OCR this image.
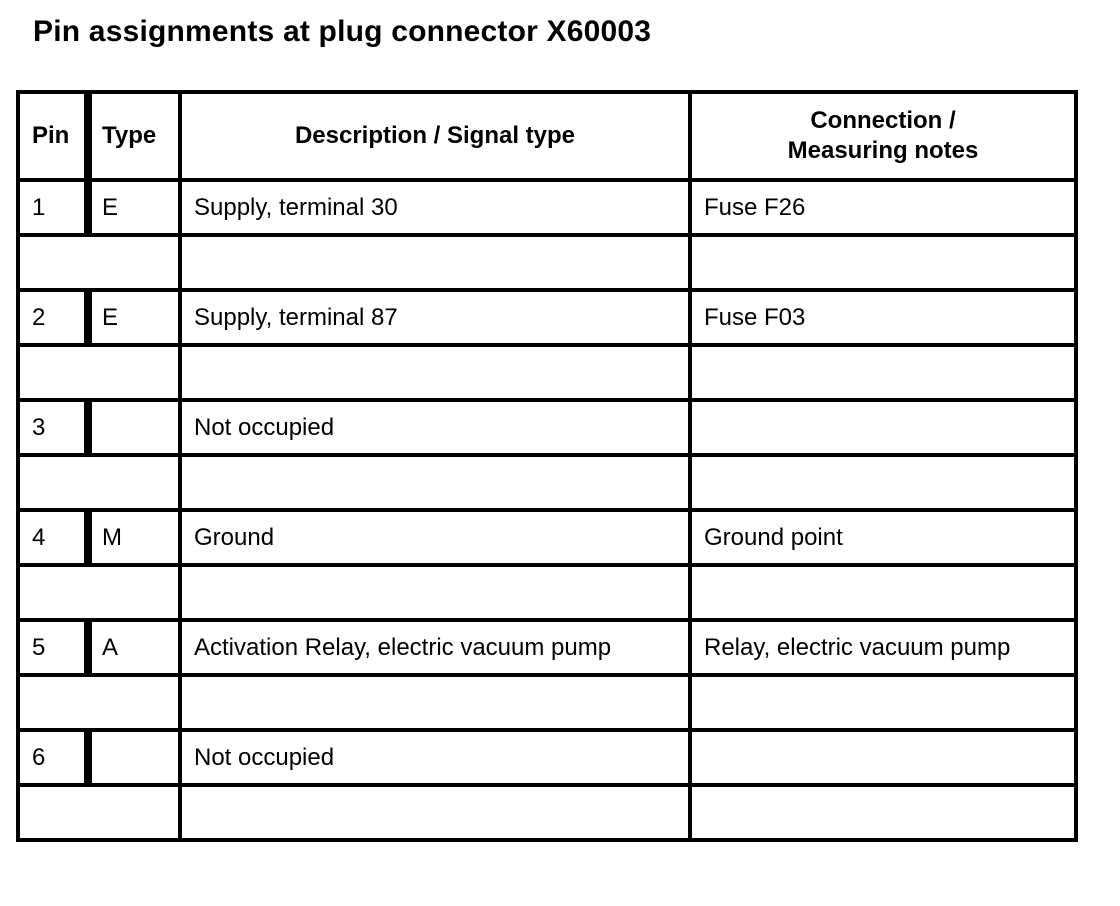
Pin assignments at plug connector X60003
Pin	Type	Description / Signal type	Connection /
Measuring notes

1	E	Supply, terminal 30	Fuse F26

2	E	Supply, terminal 87	Fuse F03

3		Not occupied	

4	M	Ground	Ground point

5	A	Activation Relay, electric vacuum pump	Relay, electric vacuum pump

6		Not occupied	
